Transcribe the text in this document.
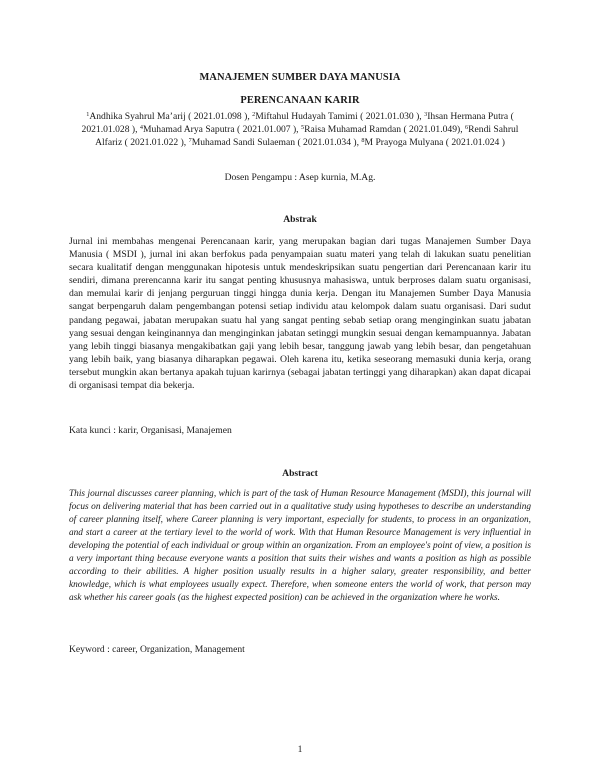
MANAJEMEN SUMBER DAYA MANUSIA
PERENCANAAN KARIR
$^1$Andhika Syahrul Ma’arij ( 2021.01.098 ), $^2$Miftahul Hudayah Tamimi ( 2021.01.030 ), $^3$Ihsan Hermana Putra ( 2021.01.028 ), $^4$Muhamad Arya Saputra ( 2021.01.007 ), $^5$Raisa Muhamad Ramdan ( 2021.01.049), $^6$Rendi Sahrul Alfariz ( 2021.01.022 ), $^7$Muhamad Sandi Sulaeman ( 2021.01.034 ), $^8$M Prayoga Mulyana ( 2021.01.024 )
Dosen Pengampu : Asep kurnia, M.Ag.
Abstrak

Jurnal ini membahas mengenai Perencanaan karir, yang merupakan bagian dari tugas Manajemen Sumber Daya Manusia ( MSDI ), jurnal ini akan berfokus pada penyampaian suatu materi yang telah di lakukan suatu penelitian secara kualitatif dengan menggunakan hipotesis untuk mendeskripsikan suatu pengertian dari Perencanaan karir itu sendiri, dimana prerencanna karir itu sangat penting khususnya mahasiswa, untuk berproses dalam suatu organisasi, dan memulai karir di jenjang perguruan tinggi hingga dunia kerja. Dengan itu Manajemen Sumber Daya Manusia sangat berpengaruh dalam pengembangan potensi setiap individu atau kelompok dalam suatu organisasi. Dari sudut pandang pegawai, jabatan merupakan suatu hal yang sangat penting sebab setiap orang menginginkan suatu jabatan yang sesuai dengan keinginannya dan menginginkan jabatan setinggi mungkin sesuai dengan kemampuannya. Jabatan yang lebih tinggi biasanya mengakibatkan gaji yang lebih besar, tanggung jawab yang lebih besar, dan pengetahuan yang lebih baik, yang biasanya diharapkan pegawai. Oleh karena itu, ketika seseorang memasuki dunia kerja, orang tersebut mungkin akan bertanya apakah tujuan karirnya (sebagai jabatan tertinggi yang diharapkan) akan dapat dicapai di organisasi tempat dia bekerja.

Kata kunci : karir, Organisasi, Manajemen
Abstract

This journal discusses career planning, which is part of the task of Human Resource Management (MSDI), this journal will focus on delivering material that has been carried out in a qualitative study using hypotheses to describe an understanding of career planning itself, where Career planning is very important, especially for students, to process in an organization, and start a career at the tertiary level to the world of work. With that Human Resource Management is very influential in developing the potential of each individual or group within an organization. From an employee's point of view, a position is a very important thing because everyone wants a position that suits their wishes and wants a position as high as possible according to their abilities. A higher position usually results in a higher salary, greater responsibility, and better knowledge, which is what employees usually expect. Therefore, when someone enters the world of work, that person may ask whether his career goals (as the highest expected position) can be achieved in the organization where he works.

Keyword : career, Organization, Management
1
